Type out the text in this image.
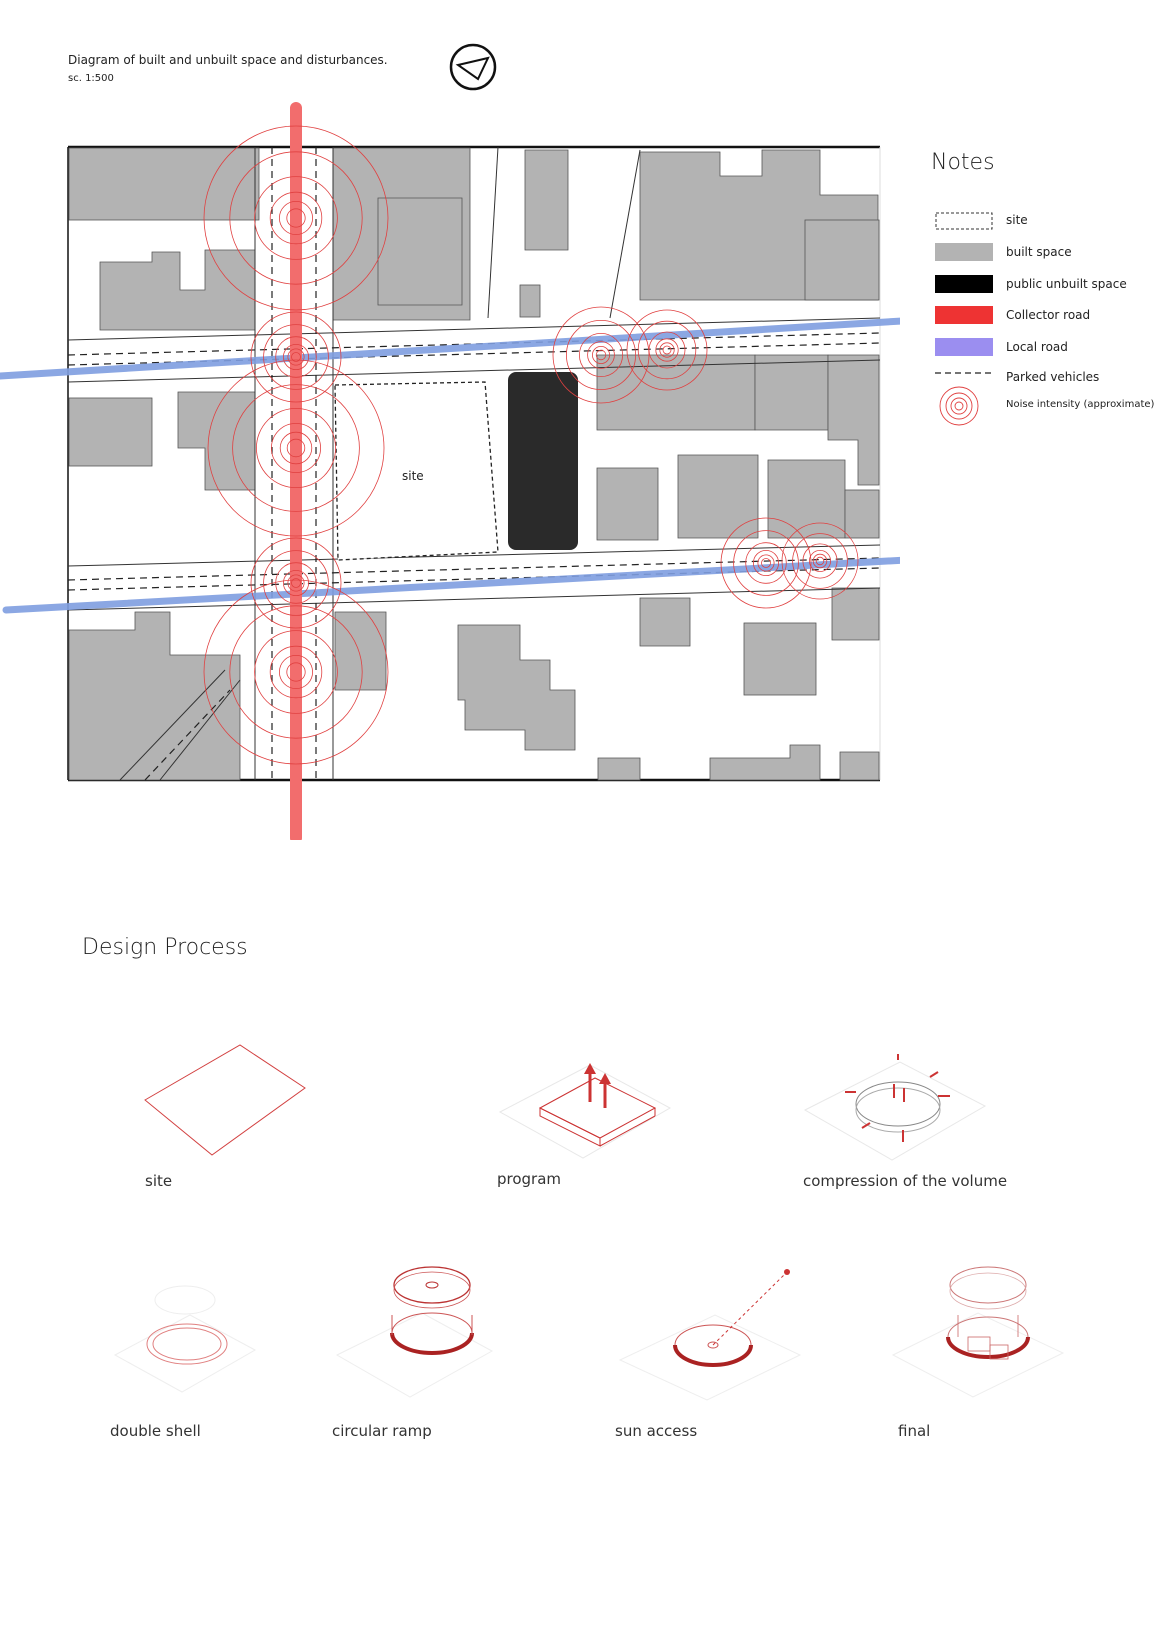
Diagram of built and unbuilt space and disturbances.
sc. 1:500
site
Notes
site
built space
public unbuilt space
Collector road
Local road
Parked vehicles
Noise intensity (approximate)
Design Process
site	program	compression of the volume
double shell	circular ramp	sun access	final
